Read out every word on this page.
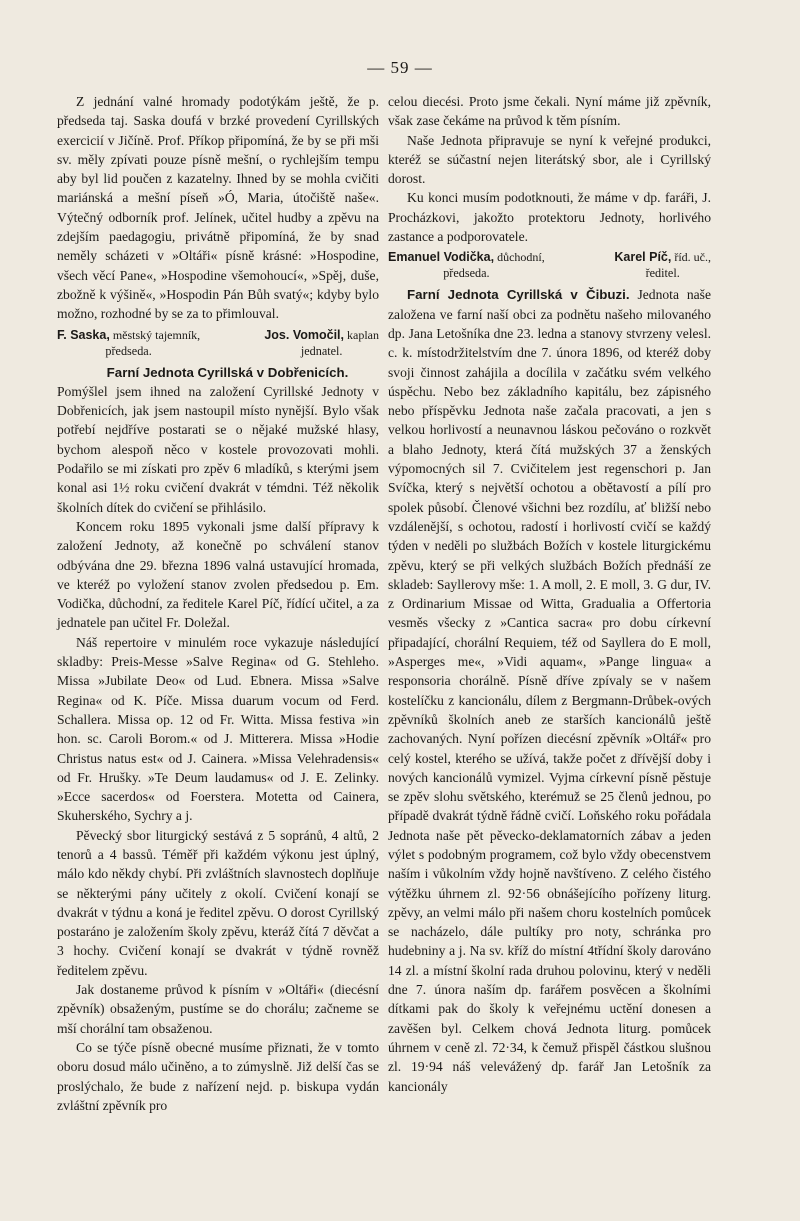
— 59 —

Z jednání valné hromady podotýkám ještě, že p. předseda taj. Saska doufá v brzké provedení Cyrillských exercicií v Jičíně. Prof. Příkop připomíná, že by se při mši sv. měly zpívati pouze písně mešní, o rychlejším tempu aby byl lid poučen z kazatelny. Ihned by se mohla cvičiti mariánská a mešní píseň »Ó, Maria, útočiště naše«. Výtečný odborník prof. Jelínek, učitel hudby a zpěvu na zdejším paedagogiu, privátně připomíná, že by snad neměly scházeti v »Oltáři« písně krásné: »Hospodine, všech věcí Pane«, »Hospodine všemohoucí«, »Spěj, duše, zbožně k výšině«, »Hospodin Pán Bůh svatý«; kdyby bylo možno, rozhodné by se za to přimlouval.

F. Saska, městský tajemník,
předseda.
Jos. Vomočil, kaplan
jednatel.

Farní Jednota Cyrillská v Dobřenicích.

Pomýšlel jsem ihned na založení Cyrillské Jednoty v Dobřenicích, jak jsem nastoupil místo nynější. Bylo však potřebí nejdříve postarati se o nějaké mužské hlasy, bychom alespoň něco v kostele provozovati mohli. Podařilo se mi získati pro zpěv 6 mladíků, s kterými jsem konal asi 1½ roku cvičení dvakrát v témdni. Též několik školních dítek do cvičení se přihlásilo.

Koncem roku 1895 vykonali jsme další přípravy k založení Jednoty, až konečně po schválení stanov odbývána dne 29. března 1896 valná ustavující hromada, ve kteréž po vyložení stanov zvolen předsedou p. Em. Vodička, důchodní, za ředitele Karel Píč, řídící učitel, a za jednatele pan učitel Fr. Doležal.

Náš repertoire v minulém roce vykazuje následující skladby: Preis-Messe »Salve Regina« od G. Stehleho. Missa »Jubilate Deo« od Lud. Ebnera. Missa »Salve Regina« od K. Píče. Missa duarum vocum od Ferd. Schallera. Missa op. 12 od Fr. Witta. Missa festiva »in hon. sc. Caroli Borom.« od J. Mitterera. Missa »Hodie Christus natus est« od J. Cainera. »Missa Velehradensis« od Fr. Hrušky. »Te Deum laudamus« od J. E. Zelinky. »Ecce sacerdos« od Foerstera. Motetta od Cainera, Skuherského, Sychry a j.

Pěvecký sbor liturgický sestává z 5 sopránů, 4 altů, 2 tenorů a 4 bassů. Téměř při každém výkonu jest úplný, málo kdo někdy chybí. Při zvláštních slavnostech doplňuje se některými pány učitely z okolí. Cvičení konají se dvakrát v týdnu a koná je ředitel zpěvu. O dorost Cyrillský postaráno je založením školy zpěvu, kteráž čítá 7 děvčat a 3 hochy. Cvičení konají se dvakrát v týdně rovněž ředitelem zpěvu.

Jak dostaneme průvod k písním v »Oltáři« (diecésní zpěvník) obsaženým, pustíme se do chorálu; začneme se mší chorální tam obsaženou.

Co se týče písně obecné musíme přiznati, že v tomto oboru dosud málo učiněno, a to zúmyslně. Již delší čas se proslýchalo, že bude z nařízení nejd. p. biskupa vydán zvláštní zpěvník pro

celou diecési. Proto jsme čekali. Nyní máme již zpěvník, však zase čekáme na průvod k těm písním.

Naše Jednota připravuje se nyní k veřejné produkci, kteréž se súčastní nejen literátský sbor, ale i Cyrillský dorost.

Ku konci musím podotknouti, že máme v dp. faráři, J. Procházkovi, jakožto protektoru Jednoty, horlivého zastance a podporovatele.

Emanuel Vodička, důchodní,
předseda.
Karel Píč, říd. uč.,
ředitel.

Farní Jednota Cyrillská v Čibuzi. Jednota naše založena ve farní naší obci za podnětu našeho milovaného dp. Jana Letošníka dne 23. ledna a stanovy stvrzeny velesl. c. k. místodržitelstvím dne 7. února 1896, od kteréž doby svoji činnost zahájila a docílila v začátku svém velkého úspěchu. Nebo bez základního kapitálu, bez zápisného nebo příspěvku Jednota naše začala pracovati, a jen s velkou horlivostí a neunavnou láskou pečováno o rozkvět a blaho Jednoty, která čítá mužských 37 a ženských výpomocných sil 7. Cvičitelem jest regenschori p. Jan Svíčka, který s největší ochotou a obětavostí a pílí pro spolek působí. Členové všichni bez rozdílu, ať bližší nebo vzdálenější, s ochotou, radostí i horlivostí cvičí se každý týden v neděli po službách Božích v kostele liturgickému zpěvu, který se při velkých službách Božích přednáší ze skladeb: Sayllerovy mše: 1. A moll, 2. E moll, 3. G dur, IV. z Ordinarium Missae od Witta, Gradualia a Offertoria vesměs všecky z »Cantica sacra« pro dobu církevní připadající, chorální Requiem, též od Sayllera do E moll, »Asperges me«, »Vidi aquam«, »Pange lingua« a responsoria chorálně. Písně dříve zpívaly se v našem kostelíčku z kancionálu, dílem z Bergmann-Drůbek-ových zpěvníků školních aneb ze starších kancionálů ještě zachovaných. Nyní pořízen diecésní zpěvník »Oltář« pro celý kostel, kterého se užívá, takže počet z dřívější doby i nových kancionálů vymizel. Vyjma církevní písně pěstuje se zpěv slohu světského, kterémuž se 25 členů jednou, po případě dvakrát týdně řádně cvičí. Loňského roku pořádala Jednota naše pět pěvecko-deklamatorních zábav a jeden výlet s podobným programem, což bylo vždy obecenstvem naším i vůkolním vždy hojně navštíveno. Z celého čistého výtěžku úhrnem zl. 92·56 obnášejícího pořízeny liturg. zpěvy, an velmi málo při našem choru kostelních pomůcek se nacházelo, dále pultíky pro noty, schránka pro hudebniny a j. Na sv. kříž do místní 4třídní školy darováno 14 zl. a místní školní rada druhou polovinu, který v neděli dne 7. února naším dp. farářem posvěcen a školními dítkami pak do školy k veřejnému uctění donesen a zavěšen byl. Celkem chová Jednota liturg. pomůcek úhrnem v ceně zl. 72·34, k čemuž přispěl částkou slušnou zl. 19·94 náš velevážený dp. farář Jan Letošník za kancionály
